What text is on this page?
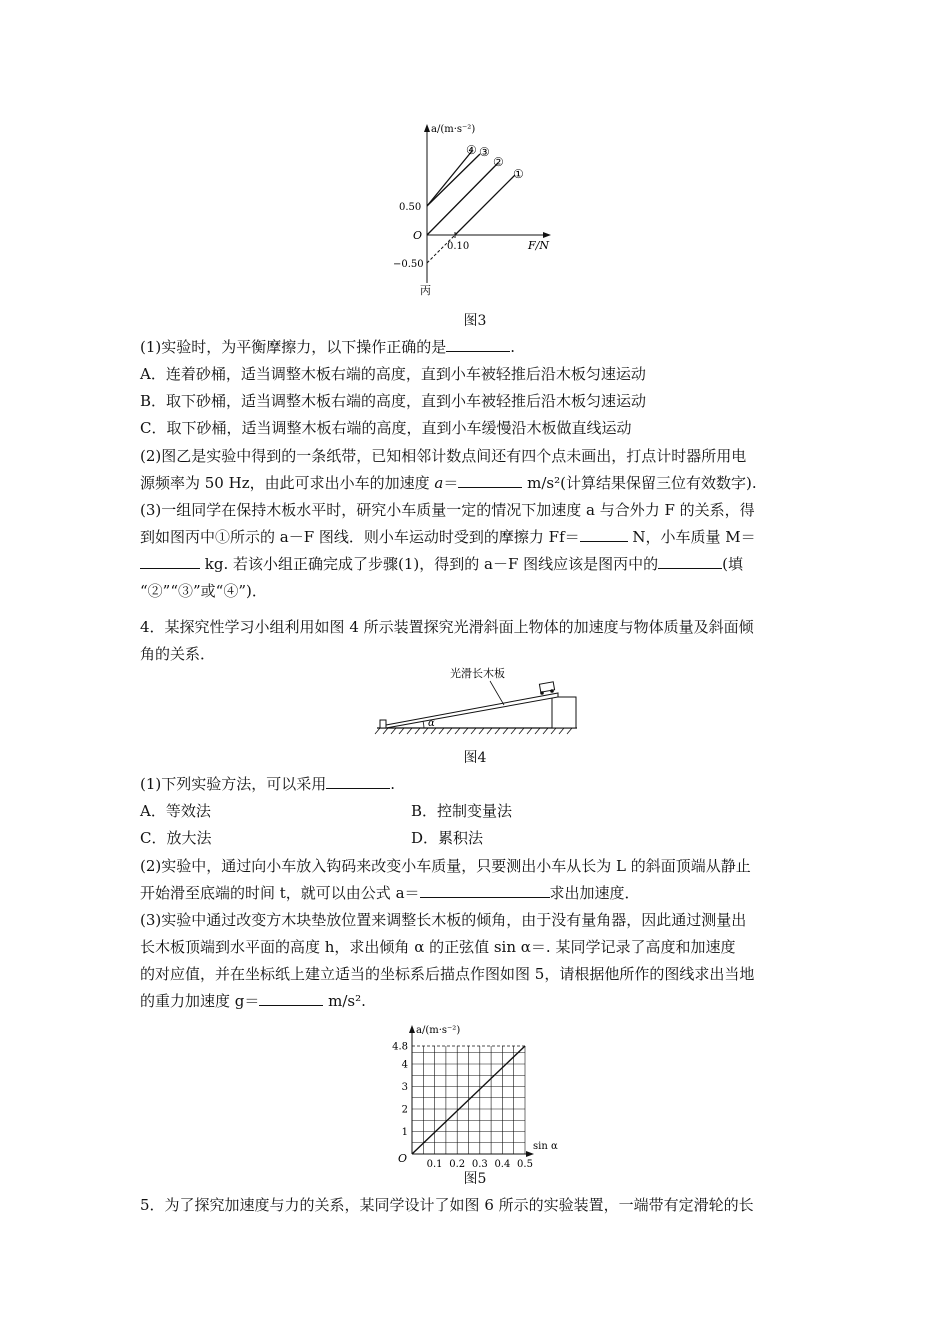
a/(m·s⁻²)
F/N
O
0.50
−0.50
0.10
④ ③
②
①
丙
图3
(1)实验时，为平衡摩擦力，以下操作正确的是	.
A．连着砂桶，适当调整木板右端的高度，直到小车被轻推后沿木板匀速运动
B．取下砂桶，适当调整木板右端的高度，直到小车被轻推后沿木板匀速运动
C．取下砂桶，适当调整木板右端的高度，直到小车缓慢沿木板做直线运动
(2)图乙是实验中得到的一条纸带，已知相邻计数点间还有四个点未画出，打点计时器所用电
源频率为 50 Hz，由此可求出小车的加速度 a＝	m/s²(计算结果保留三位有效数字).
(3)一组同学在保持木板水平时，研究小车质量一定的情况下加速度 a 与合外力 F 的关系，得
到如图丙中①所示的 a－F 图线．则小车运动时受到的摩擦力 Ff＝	N，小车质量 M＝
kg. 若该小组正确完成了步骤(1)，得到的 a－F 图线应该是图丙中的	(填
“②”“③”或“④”)．
4．某探究性学习小组利用如图 4 所示装置探究光滑斜面上物体的加速度与物体质量及斜面倾
角的关系．
光滑长木板
α
图4
(1)下列实验方法，可以采用	.
A．等效法	B．控制变量法
C．放大法	D．累积法
(2)实验中，通过向小车放入钩码来改变小车质量，只要测出小车从长为 L 的斜面顶端从静止
开始滑至底端的时间 t，就可以由公式 a＝	求出加速度．
(3)实验中通过改变方木块垫放位置来调整长木板的倾角，由于没有量角器，因此通过测量出
长木板顶端到水平面的高度 h，求出倾角 α 的正弦值 sin α＝. 某同学记录了高度和加速度
的对应值，并在坐标纸上建立适当的坐标系后描点作图如图 5，请根据他所作的图线求出当地
的重力加速度 g＝	m/s².
1
2
3
4
4.8
0.1 0.2 0.3 0.4 0.5
a/(m·s⁻²)
sin α
O
图5
5．为了探究加速度与力的关系，某同学设计了如图 6 所示的实验装置，一端带有定滑轮的长
